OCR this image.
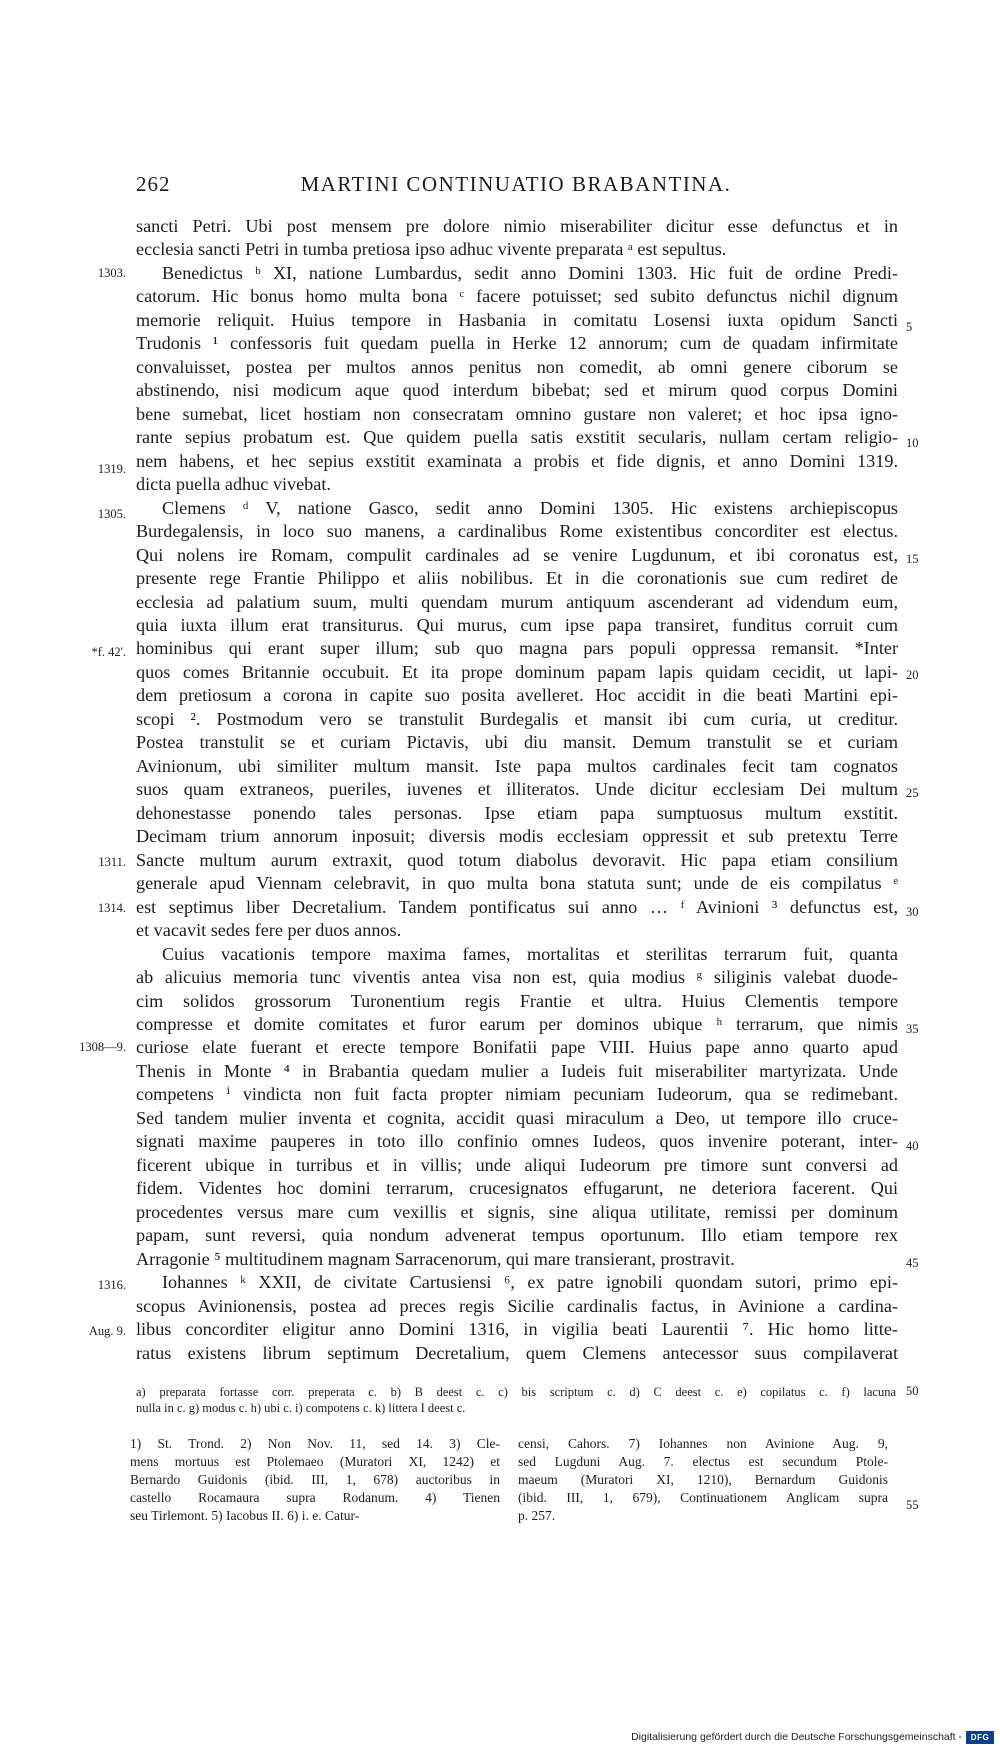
262	MARTINI CONTINUATIO BRABANTINA.
sancti Petri. Ubi post mensem pre dolore nimio miserabiliter dicitur esse defunctus et in
ecclesia sancti Petri in tumba pretiosa ipso adhuc vivente preparata ᵃ est sepultus.
Benedictus ᵇ XI, natione Lumbardus, sedit anno Domini 1303. Hic fuit de ordine Predi-
catorum. Hic bonus homo multa bona ᶜ facere potuisset; sed subito defunctus nichil dignum
memorie reliquit. Huius tempore in Hasbania in comitatu Losensi iuxta opidum Sancti
Trudonis ¹ confessoris fuit quedam puella in Herke 12 annorum; cum de quadam infirmitate
convaluisset, postea per multos annos penitus non comedit, ab omni genere ciborum se
abstinendo, nisi modicum aque quod interdum bibebat; sed et mirum quod corpus Domini
bene sumebat, licet hostiam non consecratam omnino gustare non valeret; et hoc ipsa igno-
rante sepius probatum est. Que quidem puella satis exstitit secularis, nullam certam religio-
nem habens, et hec sepius exstitit examinata a probis et fide dignis, et anno Domini 1319.
dicta puella adhuc vivebat.
Clemens ᵈ V, natione Gasco, sedit anno Domini 1305. Hic existens archiepiscopus
Burdegalensis, in loco suo manens, a cardinalibus Rome existentibus concorditer est electus.
Qui nolens ire Romam, compulit cardinales ad se venire Lugdunum, et ibi coronatus est,
presente rege Frantie Philippo et aliis nobilibus. Et in die coronationis sue cum rediret de
ecclesia ad palatium suum, multi quendam murum antiquum ascenderant ad videndum eum,
quia iuxta illum erat transiturus. Qui murus, cum ipse papa transiret, funditus corruit cum
hominibus qui erant super illum; sub quo magna pars populi oppressa remansit. *Inter
quos comes Britannie occubuit. Et ita prope dominum papam lapis quidam cecidit, ut lapi-
dem pretiosum a corona in capite suo posita avelleret. Hoc accidit in die beati Martini epi-
scopi ². Postmodum vero se transtulit Burdegalis et mansit ibi cum curia, ut creditur.
Postea transtulit se et curiam Pictavis, ubi diu mansit. Demum transtulit se et curiam
Avinionum, ubi similiter multum mansit. Iste papa multos cardinales fecit tam cognatos
suos quam extraneos, pueriles, iuvenes et illiteratos. Unde dicitur ecclesiam Dei multum
dehonestasse ponendo tales personas. Ipse etiam papa sumptuosus multum exstitit.
Decimam trium annorum inposuit; diversis modis ecclesiam oppressit et sub pretextu Terre
Sancte multum aurum extraxit, quod totum diabolus devoravit. Hic papa etiam consilium
generale apud Viennam celebravit, in quo multa bona statuta sunt; unde de eis compilatus ᵉ
est septimus liber Decretalium. Tandem pontificatus sui anno … ᶠ Avinioni ³ defunctus est,
et vacavit sedes fere per duos annos.
Cuius vacationis tempore maxima fames, mortalitas et sterilitas terrarum fuit, quanta
ab alicuius memoria tunc viventis antea visa non est, quia modius ᵍ siliginis valebat duode-
cim solidos grossorum Turonentium regis Frantie et ultra. Huius Clementis tempore
compresse et domite comitates et furor earum per dominos ubique ʰ terrarum, que nimis
curiose elate fuerant et erecte tempore Bonifatii pape VIII. Huius pape anno quarto apud
Thenis in Monte ⁴ in Brabantia quedam mulier a Iudeis fuit miserabiliter martyrizata. Unde
competens ⁱ vindicta non fuit facta propter nimiam pecuniam Iudeorum, qua se redimebant.
Sed tandem mulier inventa et cognita, accidit quasi miraculum a Deo, ut tempore illo cruce-
signati maxime pauperes in toto illo confinio omnes Iudeos, quos invenire poterant, inter-
ficerent ubique in turribus et in villis; unde aliqui Iudeorum pre timore sunt conversi ad
fidem. Videntes hoc domini terrarum, crucesignatos effugarunt, ne deteriora facerent. Qui
procedentes versus mare cum vexillis et signis, sine aliqua utilitate, remissi per dominum
papam, sunt reversi, quia nondum advenerat tempus oportunum. Illo etiam tempore rex
Arragonie ⁵ multitudinem magnam Sarracenorum, qui mare transierant, prostravit.
Iohannes ᵏ XXII, de civitate Cartusiensi ⁶, ex patre ignobili quondam sutori, primo epi-
scopus Avinionensis, postea ad preces regis Sicilie cardinalis factus, in Avinione a cardina-
libus concorditer eligitur anno Domini 1316, in vigilia beati Laurentii ⁷. Hic homo litte-
ratus existens librum septimum Decretalium, quem Clemens antecessor suus compilaverat
1303.
1319.
1305.
*f. 42'.
1311.
1314.
1308—9.
1316.
Aug. 9.
5
10
15
20
25
30
35
40
45
50
55
a) preparata fortasse corr. preperata c. b) B deest c. c) bis scriptum c. d) C deest c. e) copilatus c. f) lacuna
nulla in c. g) modus c. h) ubi c. i) compotens c. k) littera I deest c.
1) St. Trond. 2) Non Nov. 11, sed 14. 3) Cle-
mens mortuus est Ptolemaeo (Muratori XI, 1242) et
Bernardo Guidonis (ibid. III, 1, 678) auctoribus in
castello Rocamaura supra Rodanum. 4) Tienen
seu Tirlemont. 5) Iacobus II. 6) i. e. Catur-
censi, Cahors. 7) Iohannes non Avinione Aug. 9,
sed Lugduni Aug. 7. electus est secundum Ptole-
maeum (Muratori XI, 1210), Bernardum Guidonis
(ibid. III, 1, 679), Continuationem Anglicam supra
p. 257.
Digitalisierung gefördert durch die Deutsche Forschungsgemeinschaft -	DFG
